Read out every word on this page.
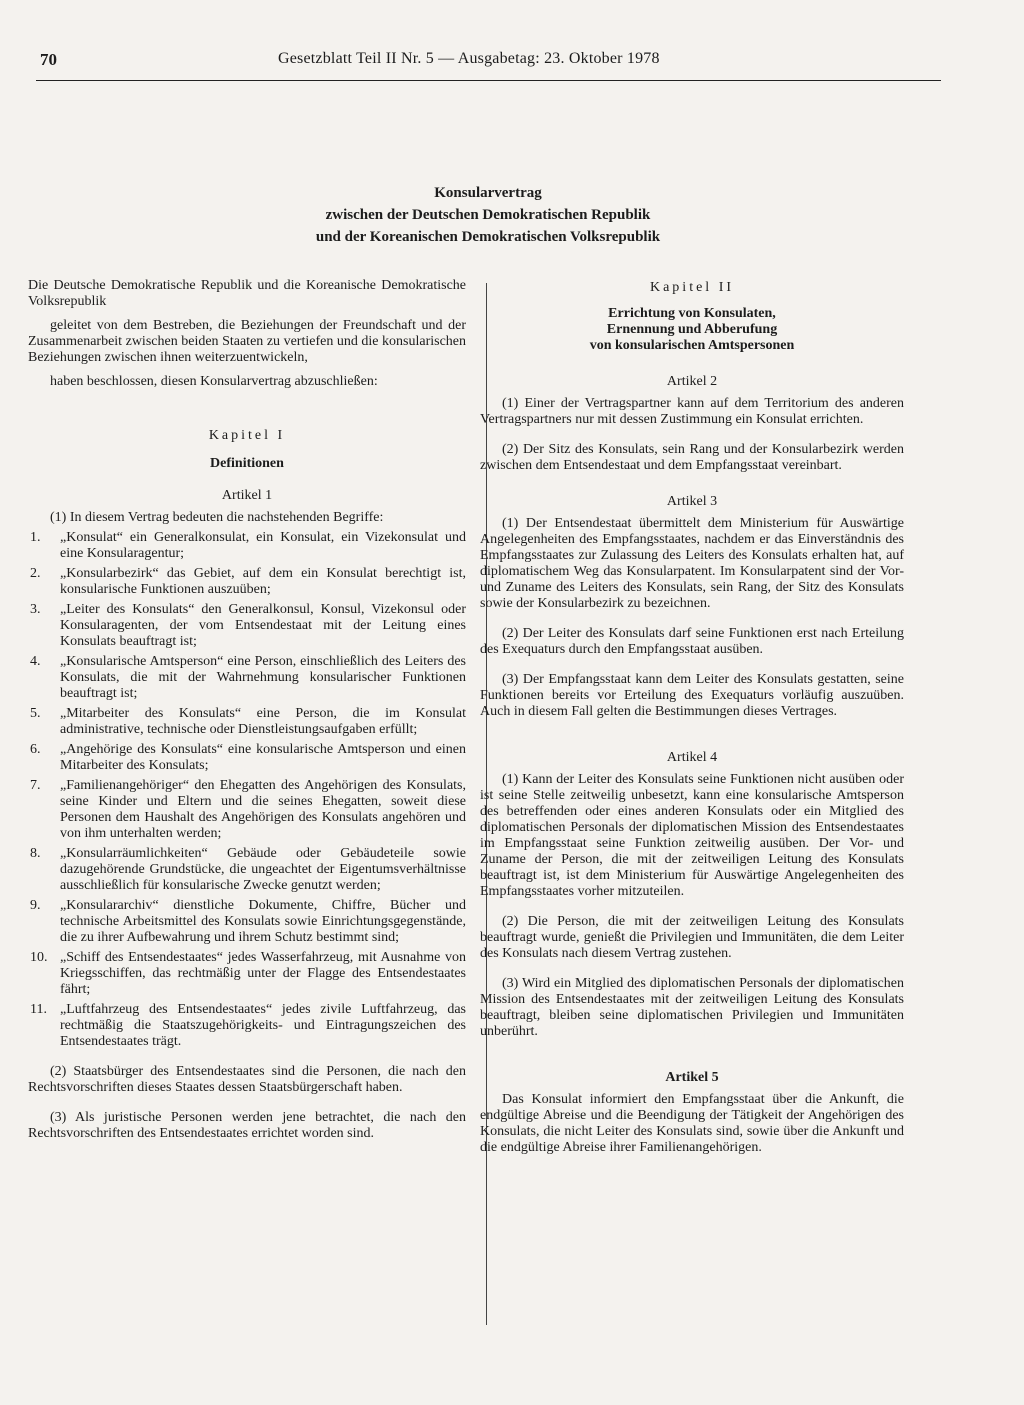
70	Gesetzblatt Teil II Nr. 5 — Ausgabetag: 23. Oktober 1978
Konsularvertrag
zwischen der Deutschen Demokratischen Republik
und der Koreanischen Demokratischen Volksrepublik

Die Deutsche Demokratische Republik und die Koreanische Demokratische Volksrepublik

geleitet von dem Bestreben, die Beziehungen der Freundschaft und der Zusammenarbeit zwischen beiden Staaten zu vertiefen und die konsularischen Beziehungen zwischen ihnen weiterzuentwickeln,

haben beschlossen, diesen Konsularvertrag abzuschließen:

Kapitel I
Definitionen
Artikel 1

(1) In diesem Vertrag bedeuten die nachstehenden Begriffe:

1.	„Konsulat“ ein Generalkonsulat, ein Konsulat, ein Vizekonsulat und eine Konsularagentur;
2.	„Konsularbezirk“ das Gebiet, auf dem ein Konsulat berechtigt ist, konsularische Funktionen auszuüben;
3.	„Leiter des Konsulats“ den Generalkonsul, Konsul, Vizekonsul oder Konsularagenten, der vom Entsendestaat mit der Leitung eines Konsulats beauftragt ist;
4.	„Konsularische Amtsperson“ eine Person, einschließlich des Leiters des Konsulats, die mit der Wahrnehmung konsularischer Funktionen beauftragt ist;
5.	„Mitarbeiter des Konsulats“ eine Person, die im Konsulat administrative, technische oder Dienstleistungsaufgaben erfüllt;
6.	„Angehörige des Konsulats“ eine konsularische Amtsperson und einen Mitarbeiter des Konsulats;
7.	„Familienangehöriger“ den Ehegatten des Angehörigen des Konsulats, seine Kinder und Eltern und die seines Ehegatten, soweit diese Personen dem Haushalt des Angehörigen des Konsulats angehören und von ihm unterhalten werden;
8.	„Konsularräumlichkeiten“ Gebäude oder Gebäudeteile sowie dazugehörende Grundstücke, die ungeachtet der Eigentumsverhältnisse ausschließlich für konsularische Zwecke genutzt werden;
9.	„Konsulararchiv“ dienstliche Dokumente, Chiffre, Bücher und technische Arbeitsmittel des Konsulats sowie Einrichtungsgegenstände, die zu ihrer Aufbewahrung und ihrem Schutz bestimmt sind;
10. „Schiff des Entsendestaates“ jedes Wasserfahrzeug, mit Ausnahme von Kriegsschiffen, das rechtmäßig unter der Flagge des Entsendestaates fährt;
11. „Luftfahrzeug des Entsendestaates“ jedes zivile Luftfahrzeug, das rechtmäßig die Staatszugehörigkeits- und Eintragungszeichen des Entsendestaates trägt.

(2) Staatsbürger des Entsendestaates sind die Personen, die nach den Rechtsvorschriften dieses Staates dessen Staatsbürgerschaft haben.

(3) Als juristische Personen werden jene betrachtet, die nach den Rechtsvorschriften des Entsendestaates errichtet worden sind.

Kapitel II
Errichtung von Konsulaten,
Ernennung und Abberufung
von konsularischen Amtspersonen
Artikel 2

(1) Einer der Vertragspartner kann auf dem Territorium des anderen Vertragspartners nur mit dessen Zustimmung ein Konsulat errichten.

(2) Der Sitz des Konsulats, sein Rang und der Konsularbezirk werden zwischen dem Entsendestaat und dem Empfangsstaat vereinbart.

Artikel 3

(1) Der Entsendestaat übermittelt dem Ministerium für Auswärtige Angelegenheiten des Empfangsstaates, nachdem er das Einverständnis des Empfangsstaates zur Zulassung des Leiters des Konsulats erhalten hat, auf diplomatischem Weg das Konsularpatent. Im Konsularpatent sind der Vor- und Zuname des Leiters des Konsulats, sein Rang, der Sitz des Konsulats sowie der Konsularbezirk zu bezeichnen.

(2) Der Leiter des Konsulats darf seine Funktionen erst nach Erteilung des Exequaturs durch den Empfangsstaat ausüben.

(3) Der Empfangsstaat kann dem Leiter des Konsulats gestatten, seine Funktionen bereits vor Erteilung des Exequaturs vorläufig auszuüben. Auch in diesem Fall gelten die Bestimmungen dieses Vertrages.

Artikel 4

(1) Kann der Leiter des Konsulats seine Funktionen nicht ausüben oder ist seine Stelle zeitweilig unbesetzt, kann eine konsularische Amtsperson des betreffenden oder eines anderen Konsulats oder ein Mitglied des diplomatischen Personals der diplomatischen Mission des Entsendestaates im Empfangsstaat seine Funktion zeitweilig ausüben. Der Vor- und Zuname der Person, die mit der zeitweiligen Leitung des Konsulats beauftragt ist, ist dem Ministerium für Auswärtige Angelegenheiten des Empfangsstaates vorher mitzuteilen.

(2) Die Person, die mit der zeitweiligen Leitung des Konsulats beauftragt wurde, genießt die Privilegien und Immunitäten, die dem Leiter des Konsulats nach diesem Vertrag zustehen.

(3) Wird ein Mitglied des diplomatischen Personals der diplomatischen Mission des Entsendestaates mit der zeitweiligen Leitung des Konsulats beauftragt, bleiben seine diplomatischen Privilegien und Immunitäten unberührt.

Artikel 5

Das Konsulat informiert den Empfangsstaat über die Ankunft, die endgültige Abreise und die Beendigung der Tätigkeit der Angehörigen des Konsulats, die nicht Leiter des Konsulats sind, sowie über die Ankunft und die endgültige Abreise ihrer Familienangehörigen.
